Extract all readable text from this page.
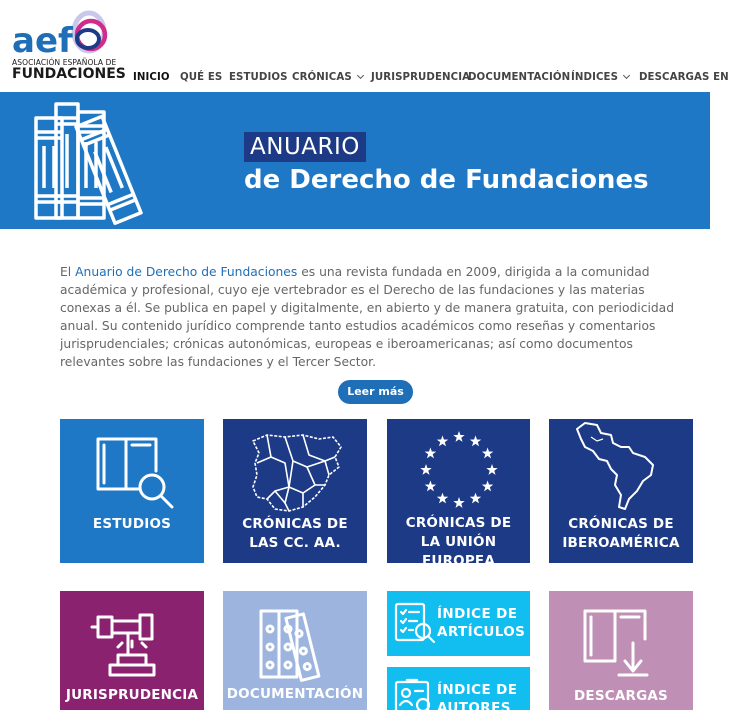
aef
ASOCIACIÓN ESPAÑOLA DE
FUNDACIONES INICIO QUÉ ES ESTUDIOS CRÓNICAS	JURISPRUDENCIA
DOCUMENTACIÓN ÍNDICES	DESCARGAS EN
ANUARIO
de Derecho de Fundaciones
El Anuario de Derecho de Fundaciones es una revista fundada en 2009, dirigida a la comunidad académica y profesional, cuyo eje vertebrador es el Derecho de las fundaciones y las materias conexas a él. Se publica en papel y digitalmente, en abierto y de manera gratuita, con periodicidad anual. Su contenido jurídico comprende tanto estudios académicos como reseñas y comentarios jurisprudenciales; crónicas autonómicas, europeas e iberoamericanas; así como documentos relevantes sobre las fundaciones y el Tercer Sector.
Leer más
ESTUDIOS	CRÓNICAS DE
LAS CC. AA.
CRÓNICAS DE
LA UNIÓN EUROPEA
CRÓNICAS DE
IBEROAMÉRICA
JURISPRUDENCIA	DOCUMENTACIÓN
ÍNDICE DE
ARTÍCULOS
ÍNDICE DE
AUTORES
DESCARGAS
